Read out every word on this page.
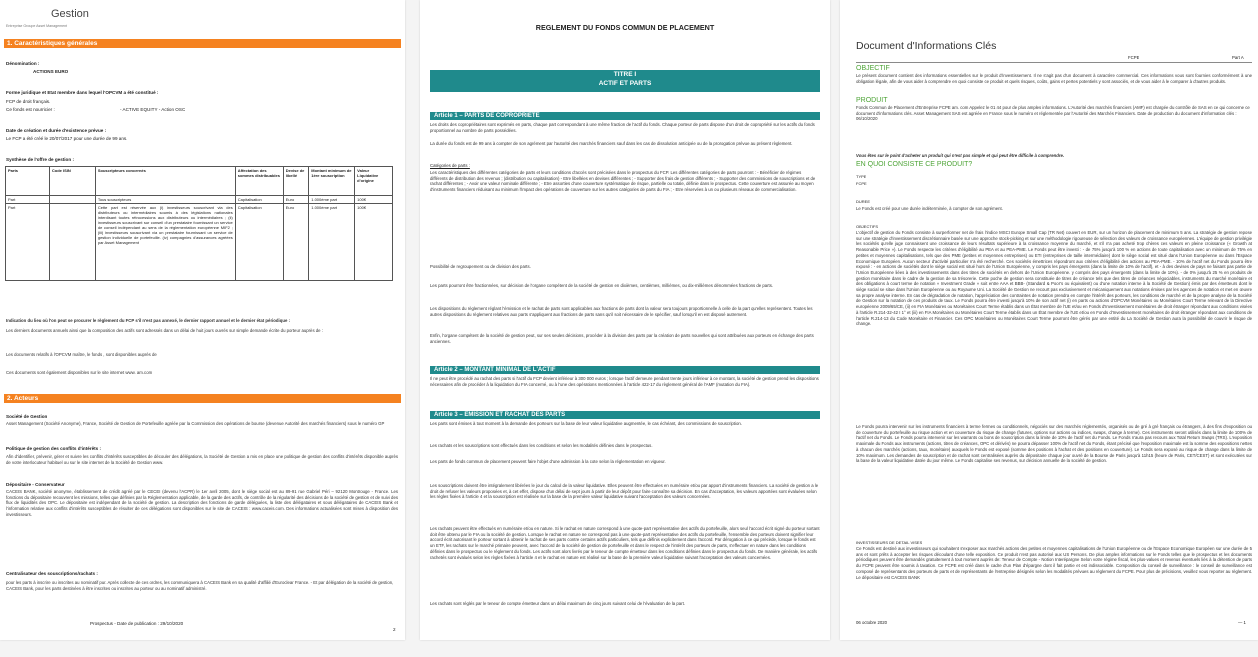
Gestion
Entreprise Groupe Asset Management
1. Caractéristiques générales
Dénomination :
ACTIONS EURO
Forme juridique et Etat membre dans lequel l'OPCVM a été constitué :
FCP de droit français.
Ce fonds est nourricier :	- ACTIVE EQUITY - Action OSC
Date de création et durée d'existence prévue :
Le FCP a été créé le 20/07/2017 pour une durée de 99 ans.
Synthèse de l'offre de gestion :
Parts	Code ISIN	Souscripteurs concernés	Affectation des sommes distribuables	Devise de libellé	Montant minimum de 1ère souscription	Valeur Liquidative d'origine
Part		Tous souscripteurs	Capitalisation	Euro	1.000ème part	100€
Part		Cette part est réservée aux (i) investisseurs souscrivant via des distributeurs ou intermédiaires soumis à des législations nationales interdisant toutes rétrocessions aux distributeurs ou intermédiaires ; (ii) investisseurs souscrivant sur conseil d'un prestataire fournissant un service de conseil indépendant au sens de la réglementation européenne MIF2 ; (iii) investisseurs souscrivant via un prestataire fournissant un service de gestion individuelle de portefeuille. (iv) compagnies d'assurances agréées par Asset Management	Capitalisation	Euro	1.000ème part	100€
Indication du lieu où l'on peut se procurer le règlement du FCP s'il n'est pas annexé, le dernier rapport annuel et le dernier état périodique :
Les derniers documents annuels ainsi que la composition des actifs sont adressés dans un délai de huit jours ouvrés sur simple demande écrite du porteur auprès de :
Les documents relatifs à l'OPCVM maître, le fonds , sont disponibles auprès de
Ces documents sont également disponibles sur le site internet www. am.com
2. Acteurs
Société de Gestion
Asset Management (Société Anonyme), France, Société de Gestion de Portefeuille agréée par la Commission des opérations de bourse (devenue Autorité des marchés financiers) sous le numéro GP
Politique de gestion des conflits d'intérêts :
Afin d'identifier, prévenir, gérer et suivre les conflits d'intérêts susceptibles de découler des délégations, la Société de Gestion a mis en place une politique de gestion des conflits d'intérêts disponible auprès de votre interlocuteur habituel ou sur le site internet de la Société de Gestion www.
Dépositaire - Conservateur
CACEIS BANK, société anonyme, établissement de crédit agréé par le CECEI (devenu l'ACPR) le 1er avril 2005, dont le siège social est au 89-91 rue Gabriel Péri – 92120 Montrouge - France. Les fonctions du dépositaire recouvrent les missions, telles que définies par la Réglementation applicable, de la garde des actifs, de contrôle de la régularité des décisions de la société de gestion et de suivi des flux de liquidités des OPC. Le dépositaire est indépendant de la société de gestion. La description des fonctions de garde déléguées, la liste des délégataires et sous délégataires de CACEIS Bank et l'information relative aux conflits d'intérêts susceptibles de résulter de ces délégations sont disponibles sur le site de CACEIS : www.caceis.com. Des informations actualisées sont mises à disposition des investisseurs.
Centralisateur des souscriptions/rachats :
pour les parts à inscrire ou inscrites au nominatif pur. Après collecte de ces ordres, les communiquera à CACEIS Bank en sa qualité d'affilié d'Euroclear France. - Et par délégation de la société de gestion, CACEIS Bank, pour les parts destinées à être inscrites ou inscrites au porteur ou au nominatif administré.
Prospectus - Date de publication : 29/10/2020
2
REGLEMENT DU FONDS COMMUN DE PLACEMENT
TITRE I
ACTIF ET PARTS
Article 1 – PARTS DE COPROPRIETE
Les droits des copropriétaires sont exprimés en parts, chaque part correspondant à une même fraction de l'actif du fonds. Chaque porteur de parts dispose d'un droit de copropriété sur les actifs du fonds proportionnel au nombre de parts possédées.
La durée du fonds est de 99 ans à compter de son agrément par l'autorité des marchés financiers sauf dans les cas de dissolution anticipée ou de la prorogation prévue au présent règlement.
Catégories de parts :
Les caractéristiques des différentes catégories de parts et leurs conditions d'accès sont précisées dans le prospectus du FCP. Les différentes catégories de parts pourront : - Bénéficier de régimes différents de distribution des revenus ; (distribution ou capitalisation) - Etre libellées en devises différentes ; - Supporter des frais de gestion différents ; - Supporter des commissions de souscriptions et de rachat différentes ; - Avoir une valeur nominale différente ; - Etre assorties d'une couverture systématique de risque, partielle ou totale, définie dans le prospectus. Cette couverture est assurée au moyen d'instruments financiers réduisant au minimum l'impact des opérations de couverture sur les autres catégories de parts du FIA ; - Etre réservées à un ou plusieurs réseaux de commercialisation.
Possibilité de regroupement ou de division des parts.
Les parts pourront être fractionnées, sur décision de l'organe compétent de la société de gestion en dixièmes, centièmes, millièmes, ou dix-millièmes dénommées fractions de parts.
Les dispositions du règlement réglant l'émission et le rachat de parts sont applicables aux fractions de parts dont la valeur sera toujours proportionnelle à celle de la part qu'elles représentent. Toutes les autres dispositions du règlement relatives aux parts s'appliquent aux fractions de parts sans qu'il soit nécessaire de le spécifier, sauf lorsqu'il en est disposé autrement.
Enfin, l'organe compétent de la société de gestion peut, sur ses seules décisions, procéder à la division des parts par la création de parts nouvelles qui sont attribuées aux porteurs en échange des parts anciennes.
Article 2 – MONTANT MINIMAL DE L'ACTIF
Il ne peut être procédé au rachat des parts si l'actif du FCP devient inférieur à 300 000 euros ; lorsque l'actif demeure pendant trente jours inférieur à ce montant, la société de gestion prend les dispositions nécessaires afin de procéder à la liquidation du FIA concerné, ou à l'une des opérations mentionnées à l'article 422-17 du règlement général de l'AMF (mutation du FIA).
Article 3 – EMISSION ET RACHAT DES PARTS
Les parts sont émises à tout moment à la demande des porteurs sur la base de leur valeur liquidative augmentée, le cas échéant, des commissions de souscription.
Les rachats et les souscriptions sont effectués dans les conditions et selon les modalités définies dans le prospectus.
Les parts de fonds commun de placement peuvent faire l'objet d'une admission à la cote selon la réglementation en vigueur.
Les souscriptions doivent être intégralement libérées le jour du calcul de la valeur liquidative. Elles peuvent être effectuées en numéraire et/ou par apport d'instruments financiers. La société de gestion a le droit de refuser les valeurs proposées et, à cet effet, dispose d'un délai de sept jours à partir de leur dépôt pour faire connaître sa décision. En cas d'acceptation, les valeurs apportées sont évaluées selon les règles fixées à l'article 4 et la souscription est réalisée sur la base de la première valeur liquidative suivant l'acceptation des valeurs concernées.
Les rachats peuvent être effectués en numéraire et/ou en nature. Si le rachat en nature correspond à une quote-part représentative des actifs du portefeuille, alors seul l'accord écrit signé du porteur sortant doit être obtenu par le FIA ou la société de gestion. Lorsque le rachat en nature ne correspond pas à une quote-part représentative des actifs du portefeuille, l'ensemble des porteurs doivent signifier leur accord écrit autorisant le porteur sortant à obtenir le rachat de ses parts contre certains actifs particuliers, tels que définis explicitement dans l'accord. Par dérogation à ce qui précède, lorsque le fonds est un ETF, les rachats sur le marché primaire peuvent, avec l'accord de la société de gestion de portefeuille et dans le respect de l'intérêt des porteurs de parts, s'effectuer en nature dans les conditions définies dans le prospectus ou le règlement du fonds. Les actifs sont alors livrés par le teneur de compte émetteur dans les conditions définies dans le prospectus du fonds. De manière générale, les actifs rachetés sont évalués selon les règles fixées à l'article 4 et le rachat en nature est réalisé sur la base de la première valeur liquidative suivant l'acceptation des valeurs concernées.
Les rachats sont réglés par le teneur de compte émetteur dans un délai maximum de cinq jours suivant celui de l'évaluation de la part.
Document d'Informations Clés
FCPE	Part A
OBJECTIF
Le présent document contient des informations essentielles sur le produit d'investissement. Il ne s'agit pas d'un document à caractère commercial. Ces informations vous sont fournies conformément à une obligation légale, afin de vous aider à comprendre en quoi consiste ce produit et quels risques, coûts, gains et pertes potentiels y sont associés, et de vous aider à le comparer à d'autres produits.
PRODUIT
Fonds Commun de Placement d'Entreprise FCPE am. com Appelez le 01 44 pour de plus amples informations. L'Autorité des marchés financiers (AMF) est chargée du contrôle de SAS en ce qui concerne ce document d'informations clés. Asset Management SAS est agréée en France sous le numéro et réglementée par l'Autorité des Marchés Financiers. Date de production du document d'information clés : 06/10/2020
Vous êtes sur le point d'acheter un produit qui n'est pas simple et qui peut être difficile à comprendre.
EN QUOI CONSISTE CE PRODUIT?
TYPE
FCPE
DUREE
Le Fonds est créé pour une durée indéterminée, à compter de son agrément.
OBJECTIFS
L'objectif de gestion du Fonds consiste à surperformer net de frais l'indice MSCI Europe Small Cap (TR Net) couvert en EUR, sur un horizon de placement de minimum 5 ans. La stratégie de gestion repose sur une stratégie d'investissement discrétionnaire basée sur une approche stock-picking et sur une méthodologie rigoureuse de sélection des valeurs de croissance européennes. L'équipe de gestion privilégie les sociétés qu'elle juge connaissent une croissance de leurs résultats supérieure à la croissance moyenne du marché, et s'il n'a pas acheté trop chères ces valeurs en pleine croissance (« Growth at Reasonable Price »). Le Fonds respecte les critères d'éligibilité au PEA et au PEA-PME. Le Fonds peut être investi : - de 75% jusqu'à 100 % en actions de toute capitalisation avec un minimum de 75% en petites et moyennes capitalisations, tels que des PME (petites et moyennes entreprises) ou ETI (entreprises de taille intermédiaire) dont le siège social est situé dans l'Union Européenne ou dans l'Espace Economique Européen. Aucun secteur d'activité particulier n'a été recherché. Ces sociétés émettrices répondront aux critères d'éligibilité des actions au PEA-PME. - 10% de l'actif net du Fonds pourra être exposé : - en actions de sociétés dont le siège social est situé hors de l'Union Européenne, y compris les pays émergents (dans la limite de 10% de l'actif), et - à des devises de pays ne faisant pas partie de l'Union Européenne liées à des investissements dans des titres de sociétés en dehors de l'Union Européenne. y compris des pays émergents (dans la limite de 10%). - de 0% jusqu'à 25 % en produits de gestion monétaire dans le cadre de la gestion de sa trésorerie. Cette poche de gestion sera constituée de titres de créance tels que des titres de créances négociables, instruments du marché monétaire et des obligations à court terme de notation « Investment Grade » soit entre AAA et BBB- (Standard & Poor's ou équivalent) ou d'une notation interne à la Société de Gestion) émis par des émetteurs dont le siège social se situe dans l'Union Européenne ou au Royaume Uni. La Société de Gestion ne recourt pas exclusivement et mécaniquement aux notations émises par les agences de notation et met en œuvre sa propre analyse interne. En cas de dégradation de notation, l'appréciation des contraintes de notation prendra en compte l'intérêt des porteurs, les conditions de marché et de la propre analyse de la Société de Gestion sur la notation de ces produits de taux. Le Fonds pourra être investi jusqu'à 10% de son actif net (i) en parts ou actions d'OPCVM Monétaires ou Monétaires Court Terme relevant de la Directive européenne 2009/65/CE, (ii) en FIA Monétaires ou Monétaires Court Terme établis dans un État membre de l'UE et/ou en Fonds d'Investissement monétaires de droit étranger répondant aux conditions visées à l'article R.214-32-42 I 1° et (iii) en FIA Monétaires ou Monétaires Court Terme établis dans un État membre de l'UE et/ou en Fonds d'Investissement monétaires de droit étranger répondant aux conditions de l'article R.214-13 du Code Monétaire et Financier. Ces OPC Monétaires ou Monétaires Court Terme pourront être gérés par une entité du La Société de Gestion aura la possibilité de couvrir le risque de change.
Le Fonds pourra intervenir sur les instruments financiers à terme fermes ou conditionnels, négociés sur des marchés réglementés, organisés ou de gré à gré français ou étrangers, à des fins d'exposition ou de couverture du portefeuille au risque action et en couverture du risque de change (futures, options sur actions ou indices, swaps, change à terme). Ces instruments seront utilisés dans la limite de 100% de l'actif net du Fonds. Le Fonds pourra intervenir sur les warrants ou bons de souscription dans la limite de 10% de l'actif net du Fonds. Le Fonds n'aura pas recours aux Total Return Swaps (TRS). L'exposition maximale du Fonds aux instruments (actions, titres de créances, OPC et dérivés) ne pourra dépasser 100% de l'actif net du Fonds, étant précisé que l'exposition maximale est la somme des expositions nettes à chacun des marchés (actions, taux, monétaire) auxquels le Fonds est exposé (somme des positions à l'achat et des positions en couverture). Le Fonds sera exposé au risque de change dans la limite de 10% maximum. Les demandes de souscription et de rachat sont centralisées auprès du dépositaire chaque jour ouvré de la Bourse de Paris jusqu'à 11h15 (heure de Paris, CET/CEST) et sont exécutées sur la base de la valeur liquidative datée du jour même. Le Fonds capitalise ses revenus, sur décision annuelle de la société de gestion.
INVESTISSEURS DE DETAIL VISES
Ce Fonds est destiné aux investisseurs qui souhaitent s'exposer aux marchés actions des petites et moyennes capitalisations de l'Union Européenne ou de l'Espace Economique Européen sur une durée de 5 ans et sont prêts à accepter les risques découlant d'une telle exposition. Ce produit n'est pas autorisé aux US Persons. De plus amples informations sur le Fonds telles que le prospectus et les documents périodiques peuvent être demandés gratuitement à tout moment auprès de: Teneur de Compte - Notion Interépargne Selon votre régime fiscal, les plus-values et revenus éventuels liés à la détention de parts du FCPE peuvent être soumis à taxation. Ce FCPE est créé dans le cadre d'un Plan d'épargne dont il fait partie et est indissociable. Composition du conseil de surveillance : le conseil de surveillance est composé de représentants des porteurs de parts et de représentants de l'entreprise désignés selon les modalités prévues au règlement du FCPE. Pour plus de précisions, veuillez vous reporter au règlement. Le dépositaire est CACEIS BANK
06 octobre 2020	— 1
